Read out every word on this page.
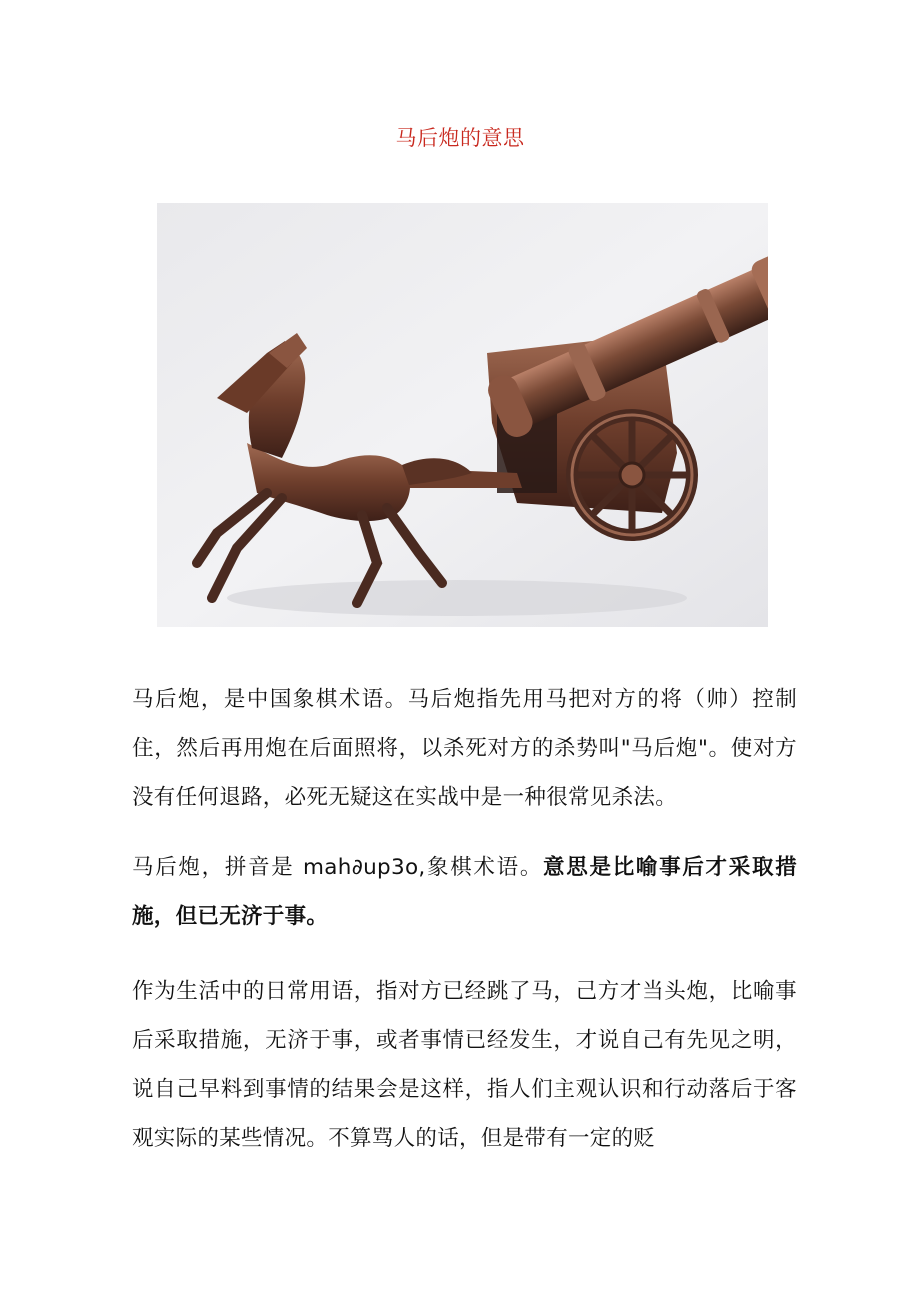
马后炮的意思

马后炮，是中国象棋术语。马后炮指先用马把对方的将（帅）控制住，然后再用炮在后面照将，以杀死对方的杀势叫"马后炮"。使对方没有任何退路，必死无疑这在实战中是一种很常见杀法。

马后炮，拼音是 mah∂up3o,象棋术语。意思是比喻事后才采取措施，但已无济于事。

作为生活中的日常用语，指对方已经跳了马，己方才当头炮，比喻事后采取措施，无济于事，或者事情已经发生，才说自己有先见之明，说自己早料到事情的结果会是这样，指人们主观认识和行动落后于客观实际的某些情况。不算骂人的话，但是带有一定的贬
